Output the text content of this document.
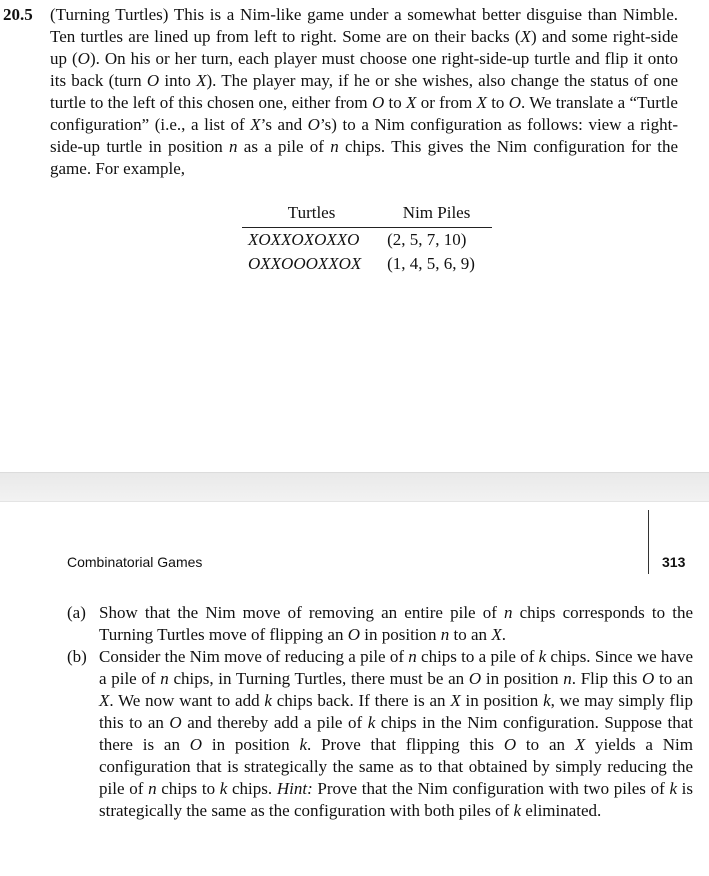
20.5 (Turning Turtles) This is a Nim-like game under a somewhat better disguise than Nimble. Ten turtles are lined up from left to right. Some are on their backs (X) and some right-side up (O). On his or her turn, each player must choose one right-side-up turtle and flip it onto its back (turn O into X). The player may, if he or she wishes, also change the status of one turtle to the left of this chosen one, either from O to X or from X to O. We translate a “Turtle configuration” (i.e., a list of X’s and O’s) to a Nim configuration as follows: view a right-side-up turtle in position n as a pile of n chips. This gives the Nim configuration for the game. For example,
Turtles	Nim Piles
XOXXOXOXXO	(2, 5, 7, 10)
OXXOOOXXOX	(1, 4, 5, 6, 9)
Combinatorial Games	313
(a) Show that the Nim move of removing an entire pile of n chips corresponds to the Turning Turtles move of flipping an O in position n to an X.
(b) Consider the Nim move of reducing a pile of n chips to a pile of k chips. Since we have a pile of n chips, in Turning Turtles, there must be an O in position n. Flip this O to an X. We now want to add k chips back. If there is an X in position k, we may simply flip this to an O and thereby add a pile of k chips in the Nim configuration. Suppose that there is an O in position k. Prove that flipping this O to an X yields a Nim configuration that is strategically the same as to that obtained by simply reducing the pile of n chips to k chips. Hint: Prove that the Nim configuration with two piles of k is strategically the same as the configuration with both piles of k eliminated.
